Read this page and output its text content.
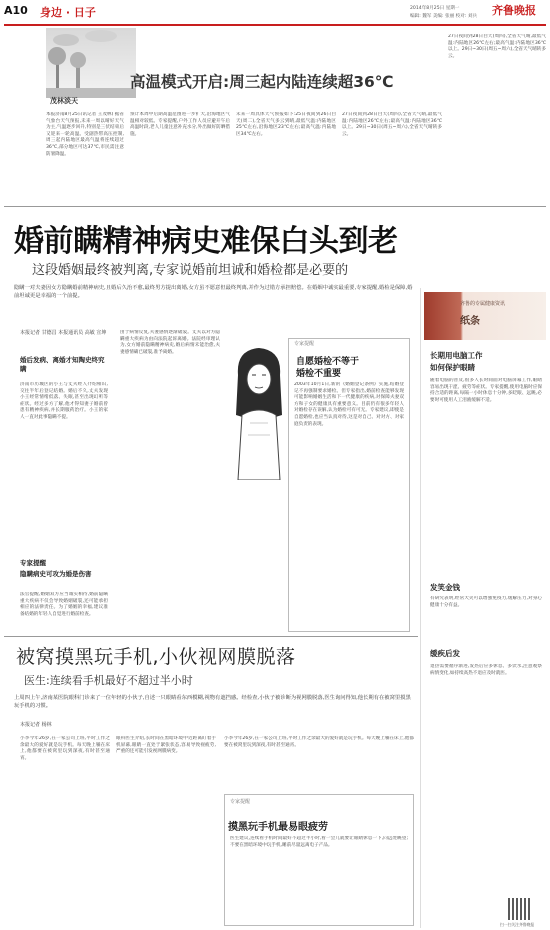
A10 身边 · 日子	2014年8月25日 星期一	齐鲁晚报
编辑: 魏军 美编: 张丽 校对: 刘兵
高温模式开启:周三起内陆连续超36℃
茂林淡天
本报济南8月25日讯记者 王茂林) 据省气象台天气预报,未来一周以晴好天气为主,气温逐步回升,特别是三伏结束后又迎来一轮高温。受副热带高压控制,周三起内陆地区最高气温将连续超过36℃,部分地区可达37℃,市民需注意防暑降温。
预计本周中后期高温范围进一步扩大,沿海地区气温相对较低。专家提醒,户外工作人员应避开午后高温时段,老人儿童注意补充水分,外出做好防晒措施。
未来一周具体天气预报如下:25日夜间到26日白天(周二),全省天气多云到晴,最低气温:内陆地区25℃左右,沿海地区23℃左右;最高气温:内陆地区34℃左右。
27日夜间到28日白天(周四),全省天气晴,最低气温:内陆地区26℃左右;最高气温:内陆地区36℃以上。29日~30日(周五~周六),全省天气晴转多云。
27日夜间到28日白天(周四),全省天气晴,最低气温:内陆地区26℃左右;最高气温:内陆地区36℃以上。29日~30日(周五~周六),全省天气晴转多云。
婚前瞒精神病史难保白头到老
这段婚姻最终被判离,专家说婚前坦诚和婚检都是必要的
隐瞒一对夫妻因女方隐瞒婚前精神病史,且婚后久治不愈,最终男方提出离婚,女方虽不愿意但最终判离,并作为过错方承担赔偿。在婚姻中诚实最重要,专家提醒,婚检是保障,婚前坦诚更是幸福的一个前提。
本报记者 甘德昌 本报通讯员 高敏 宣坤
婚后发病、离婚才知陶史终究瞒
济南市历城区的小王与丈夫经人介绍相识,交往半年后登记结婚。婚后不久,丈夫发现小王经常情绪低落、失眠,甚至出现幻听等症状。经过多方了解,他才得知妻子婚前曾患有精神疾病,并长期服药治疗。小王的家人一直对此事隐瞒不提。
专家提醒
隐瞒病史可攻为婚是伤害
法官提醒,婚姻双方应当诚实相待,婚前隐瞒重大疾病不仅会导致婚姻破裂,还可能承担相应的法律责任。为了婚姻的幸福,建议准备结婚的年轻人自觉进行婚前检查。
由于病情反复,夫妻感情逐渐破裂。丈夫以对方隐瞒重大疾病为由向法院起诉离婚。法院经审理认为,女方婚前隐瞒精神病史,婚后病情未能治愈,夫妻感情确已破裂,准予离婚。
专家提醒
自愿婚检不等于
婚检不重要
2003年10月1日,新的《婚姻登记条例》实施,结婚登记不再强制要求婚检。但专家指出,婚前检查能够发现可能影响婚姻生活和下一代健康的疾病,对保障夫妻双方和子女的健康具有重要意义。目前仍有很多年轻人对婚检存在误解,认为婚检可有可无。专家建议,即使是自愿婚检,也应当认真对待,这是对自己、对对方、对家庭负责的表现。
齐鲁的专属健康资讯
纸条
长期用电脑工作
如何保护眼睛
随着电脑的普及,很多人长时间面对电脑屏幕工作,眼睛容易出现干涩、疲劳等症状。专家提醒,使用电脑时应保持合适的距离,每隔一小时休息十分钟,多眨眼、远眺,必要时可使用人工泪液缓解不适。
发笑金钱
有研究表明,经常大笑可以增强免疫力,缓解压力,对身心健康十分有益。
缓疾后发
退热需要循序渐进,发热后应多休息、多饮水,注意观察病情变化,如持续高热不退应及时就医。
被窝摸黑玩手机,小伙视网膜脱落
医生:连续看手机最好不超过半小时
上周四上午,济南某医院眼科门诊来了一位年轻的小伙子,自述一只眼睛看东西模糊,视物有遮挡感。经检查,小伙子被诊断为视网膜脱落,医生询问得知,他长期有在被窝里摸黑玩手机的习惯。
本报记者 杨林
小李今年26岁,在一家公司上班,平时工作之余最大的爱好就是玩手机。每天晚上躺在床上,他都要在被窝里玩到深夜,有时甚至通宵。
眼科医生介绍,长时间在黑暗环境中近距离盯着手机屏幕,眼睛一直处于紧张状态,容易导致视疲劳,严重的还可能引发视网膜病变。
小李今年26岁,在一家公司上班,平时工作之余最大的爱好就是玩手机。每天晚上躺在床上,他都要在被窝里玩到深夜,有时甚至通宵。
专家提醒
摸黑玩手机最易眼疲劳
医生建议,连续看手机时间最好不超过半小时,看一会儿就要让眼睛休息一下,向远处眺望;不要在黑暗环境中玩手机,睡前尽量远离电子产品。
扫一扫关注齐鲁晚报
